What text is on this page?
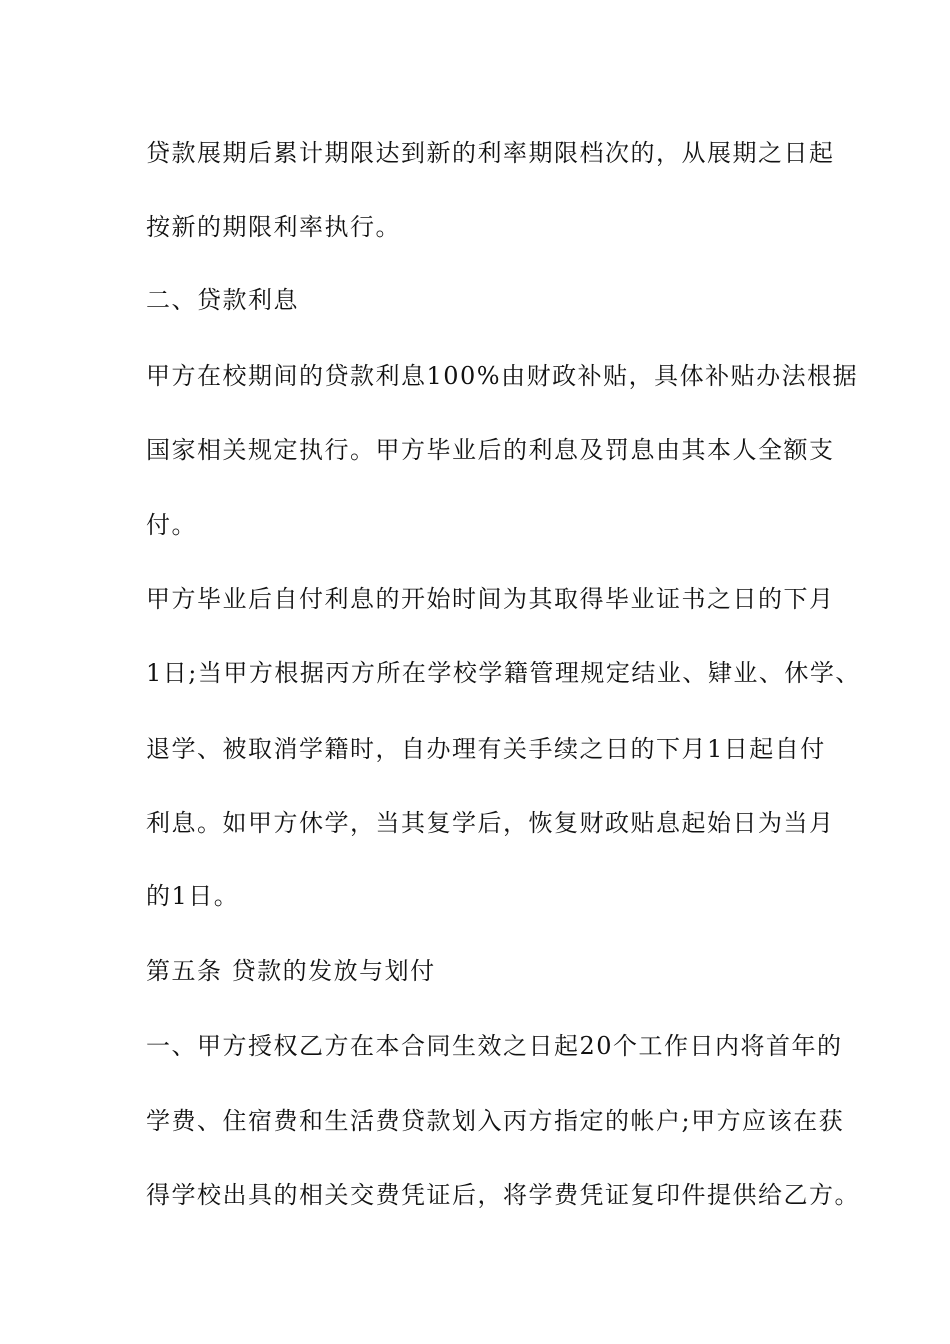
贷款展期后累计期限达到新的利率期限档次的，从展期之日起
按新的期限利率执行。
二、贷款利息
甲方在校期间的贷款利息100%由财政补贴，具体补贴办法根据
国家相关规定执行。甲方毕业后的利息及罚息由其本人全额支
付。
甲方毕业后自付利息的开始时间为其取得毕业证书之日的下月
1日;当甲方根据丙方所在学校学籍管理规定结业、肄业、休学、
退学、被取消学籍时，自办理有关手续之日的下月1日起自付
利息。如甲方休学，当其复学后，恢复财政贴息起始日为当月
的1日。
第五条 贷款的发放与划付
一、甲方授权乙方在本合同生效之日起20个工作日内将首年的
学费、住宿费和生活费贷款划入丙方指定的帐户;甲方应该在获
得学校出具的相关交费凭证后，将学费凭证复印件提供给乙方。
